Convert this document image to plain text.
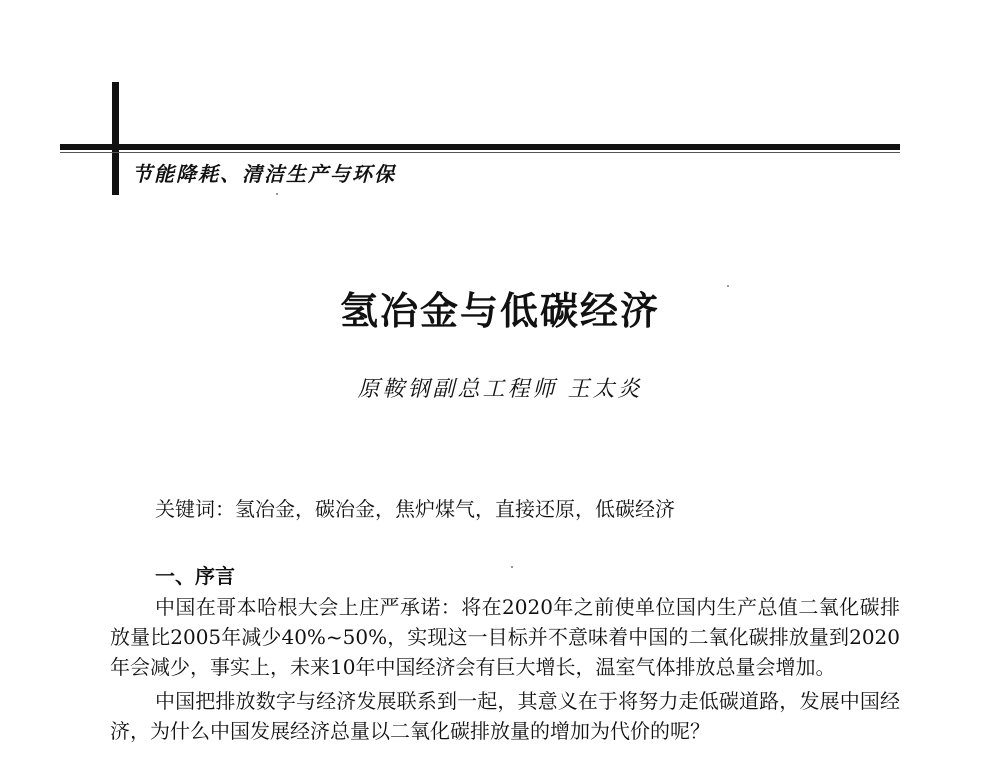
节能降耗、清洁生产与环保
氢冶金与低碳经济
原鞍钢副总工程师 王太炎
关键词：氢冶金，碳冶金，焦炉煤气，直接还原，低碳经济
一、序言

中国在哥本哈根大会上庄严承诺：将在2020年之前使单位国内生产总值二氧化碳排放量比2005年减少40%~50%，实现这一目标并不意味着中国的二氧化碳排放量到2020年会减少，事实上，未来10年中国经济会有巨大增长，温室气体排放总量会增加。

中国把排放数字与经济发展联系到一起，其意义在于将努力走低碳道路，发展中国经济，为什么中国发展经济总量以二氧化碳排放量的增加为代价的呢？
